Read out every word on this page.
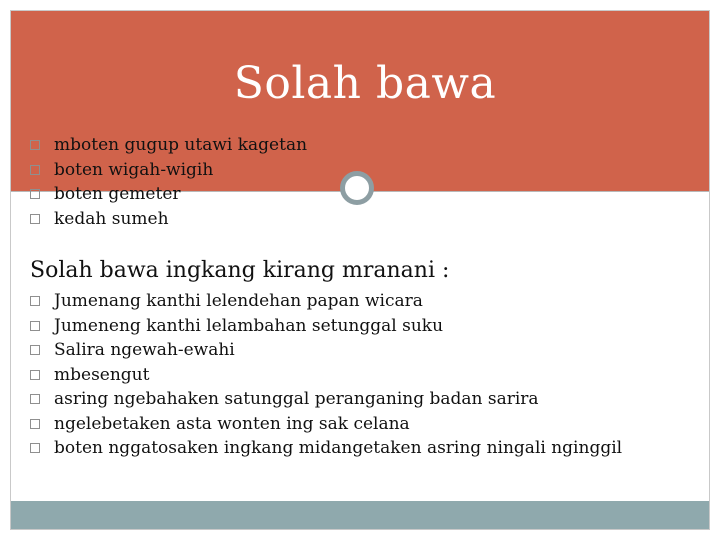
Solah bawa
mboten gugup utawi kagetan
boten wigah-wigih
boten gemeter
kedah sumeh
Solah bawa ingkang kirang mranani :
Jumenang kanthi lelendehan papan wicara
Jumeneng kanthi lelambahan setunggal suku
Salira ngewah-ewahi
mbesengut
asring ngebahaken satunggal peranganing badan sarira
ngelebetaken asta wonten ing sak celana
boten nggatosaken ingkang midangetaken asring ningali nginggil
